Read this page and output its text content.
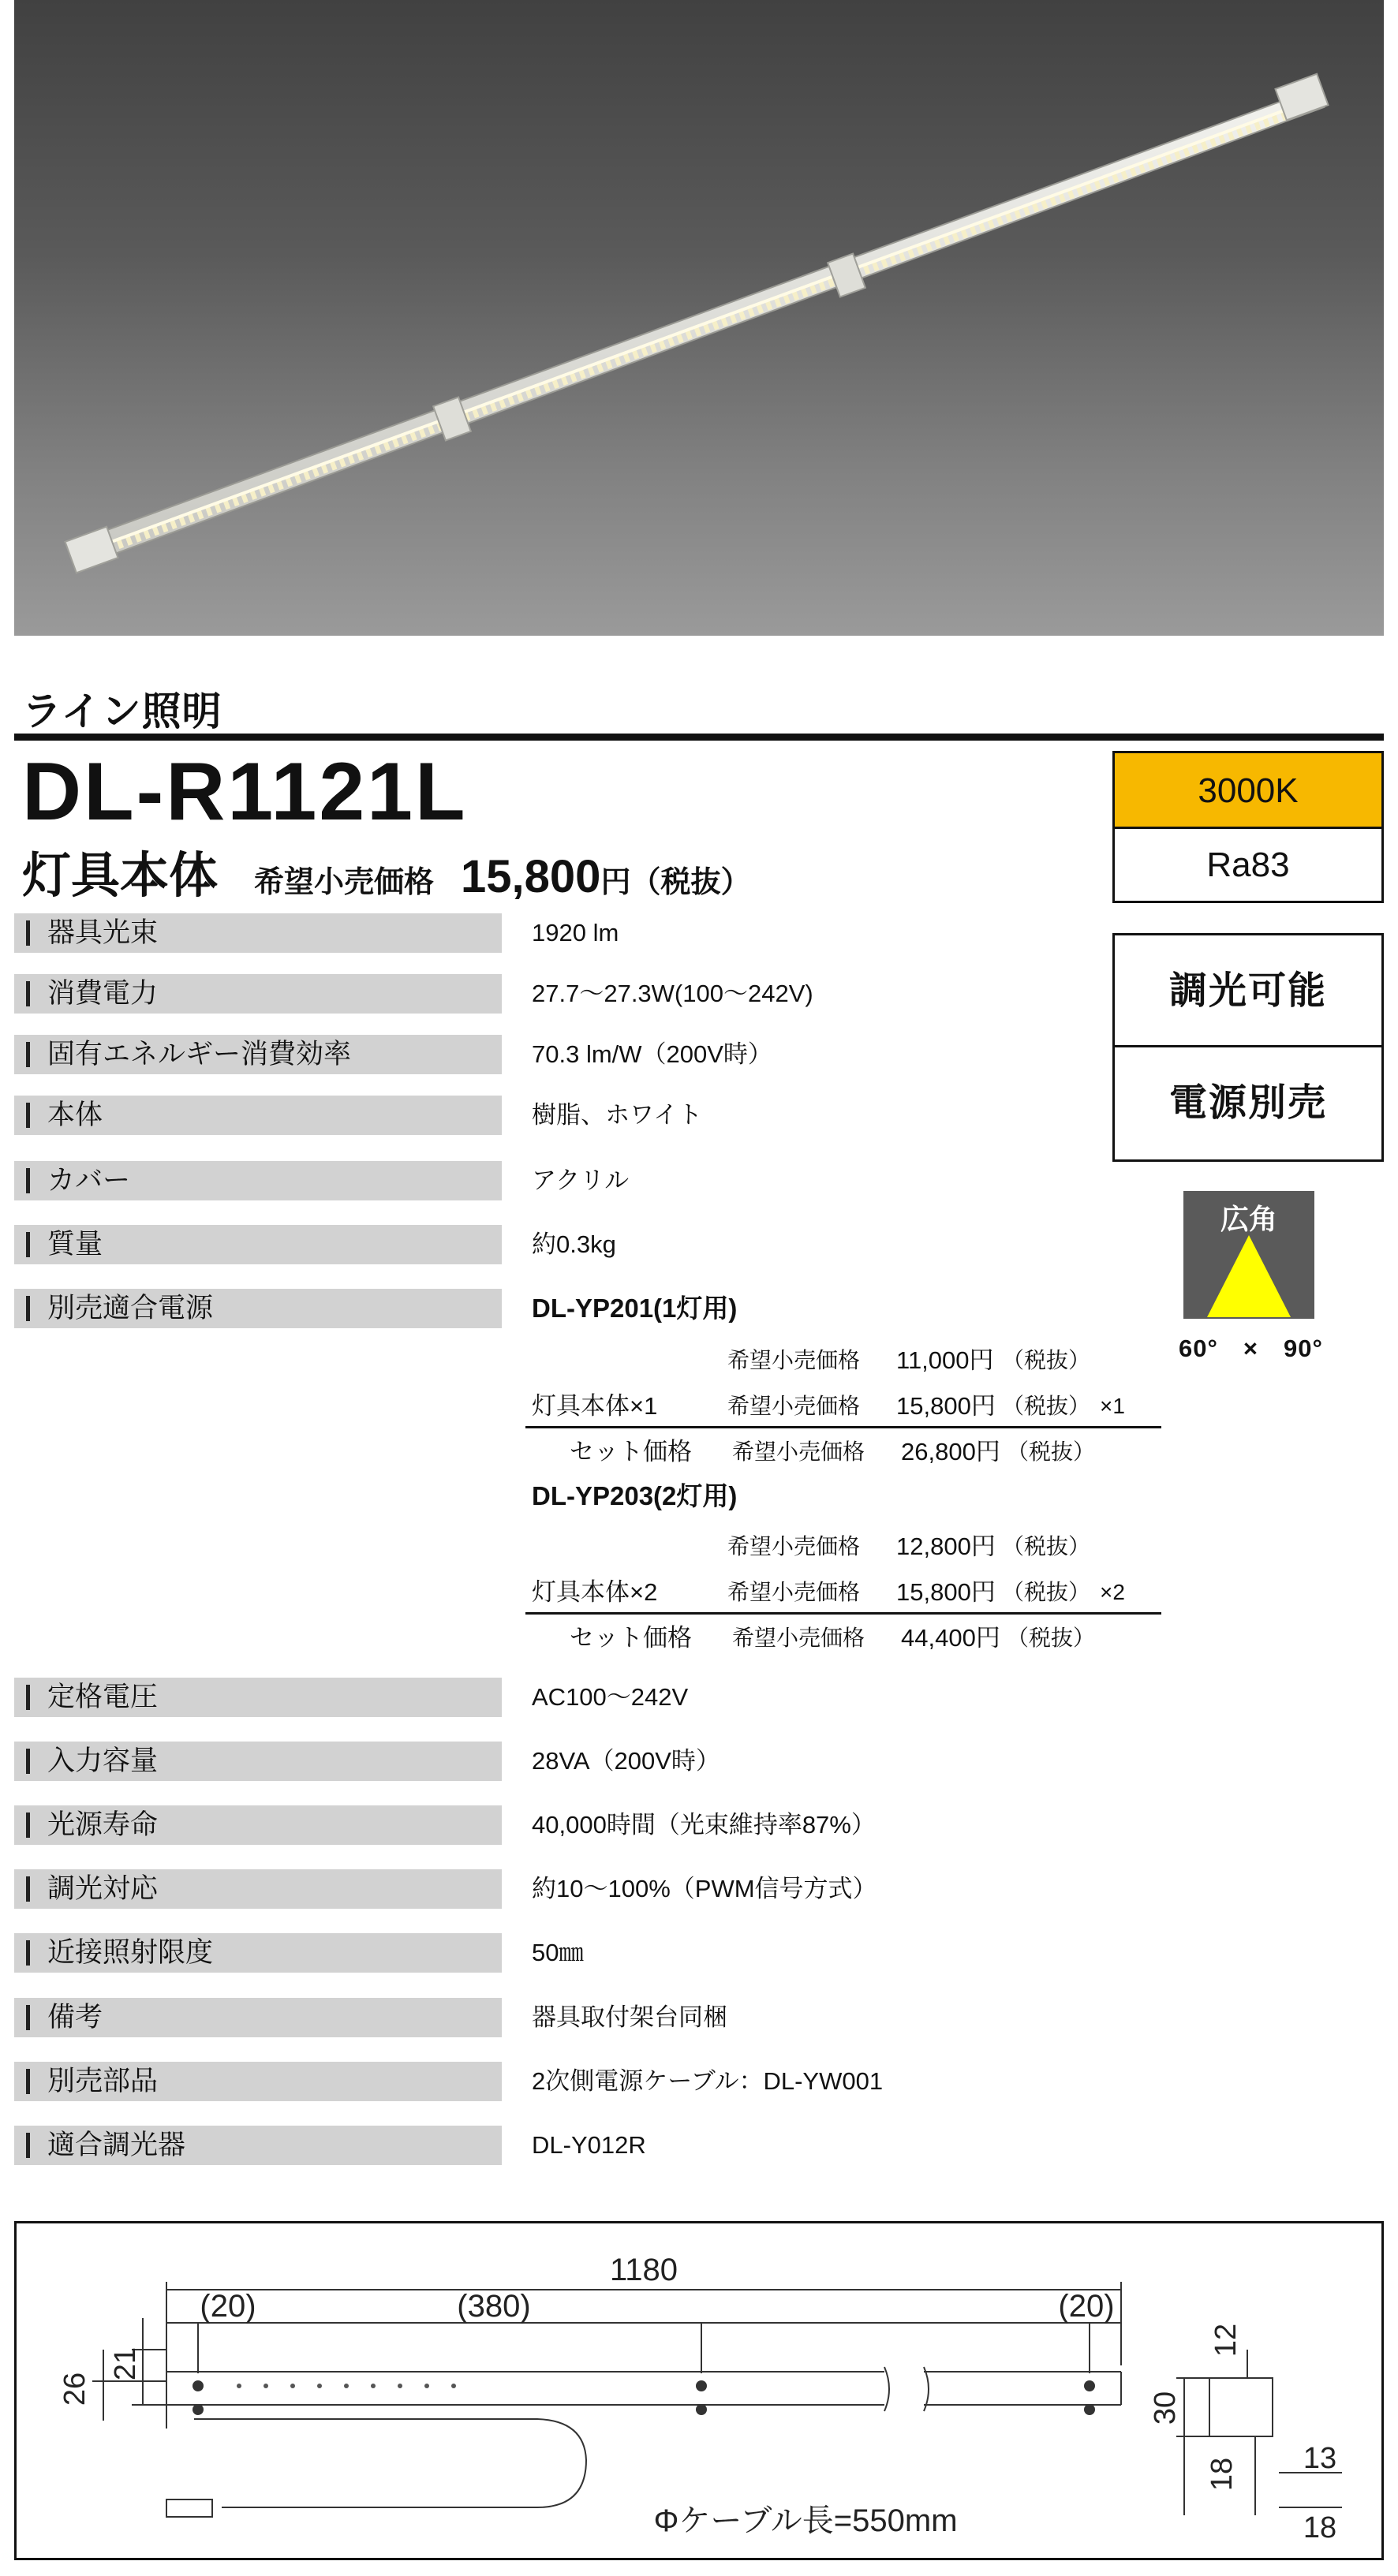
ライン照明
DL-R1121L
灯具本体 希望小売価格 15,800 円 （税抜）
3000K
Ra83
調光可能
電源別売
広角
60°　×　90°
器具光束	1920 lm
消費電力	27.7～27.3W(100～242V)
固有エネルギー消費効率	70.3 lm/W（200V時）
本体	樹脂、ホワイト
カバー	アクリル
質量	約0.3kg
別売適合電源	DL-YP201(1灯用)
希望小売価格 11,000円 （税抜）
灯具本体×1	希望小売価格 15,800円 （税抜） ×1
セット価格 希望小売価格 26,800円 （税抜）
DL-YP203(2灯用)
希望小売価格 12,800円 （税抜）
灯具本体×2	希望小売価格 15,800円 （税抜） ×2
セット価格 希望小売価格 44,400円 （税抜）
定格電圧	AC100～242V
入力容量	28VA（200V時）
光源寿命	40,000時間（光束維持率87%）
調光対応	約10～100%（PWM信号方式）
近接照射限度	50㎜
備考	器具取付架台同梱
別売部品	2次側電源ケーブル：DL-YW001
適合調光器	DL-Y012R
1180
(20)	(380)	(20)
21
26
12
30
18 13
18
Φケーブル長=550mm
